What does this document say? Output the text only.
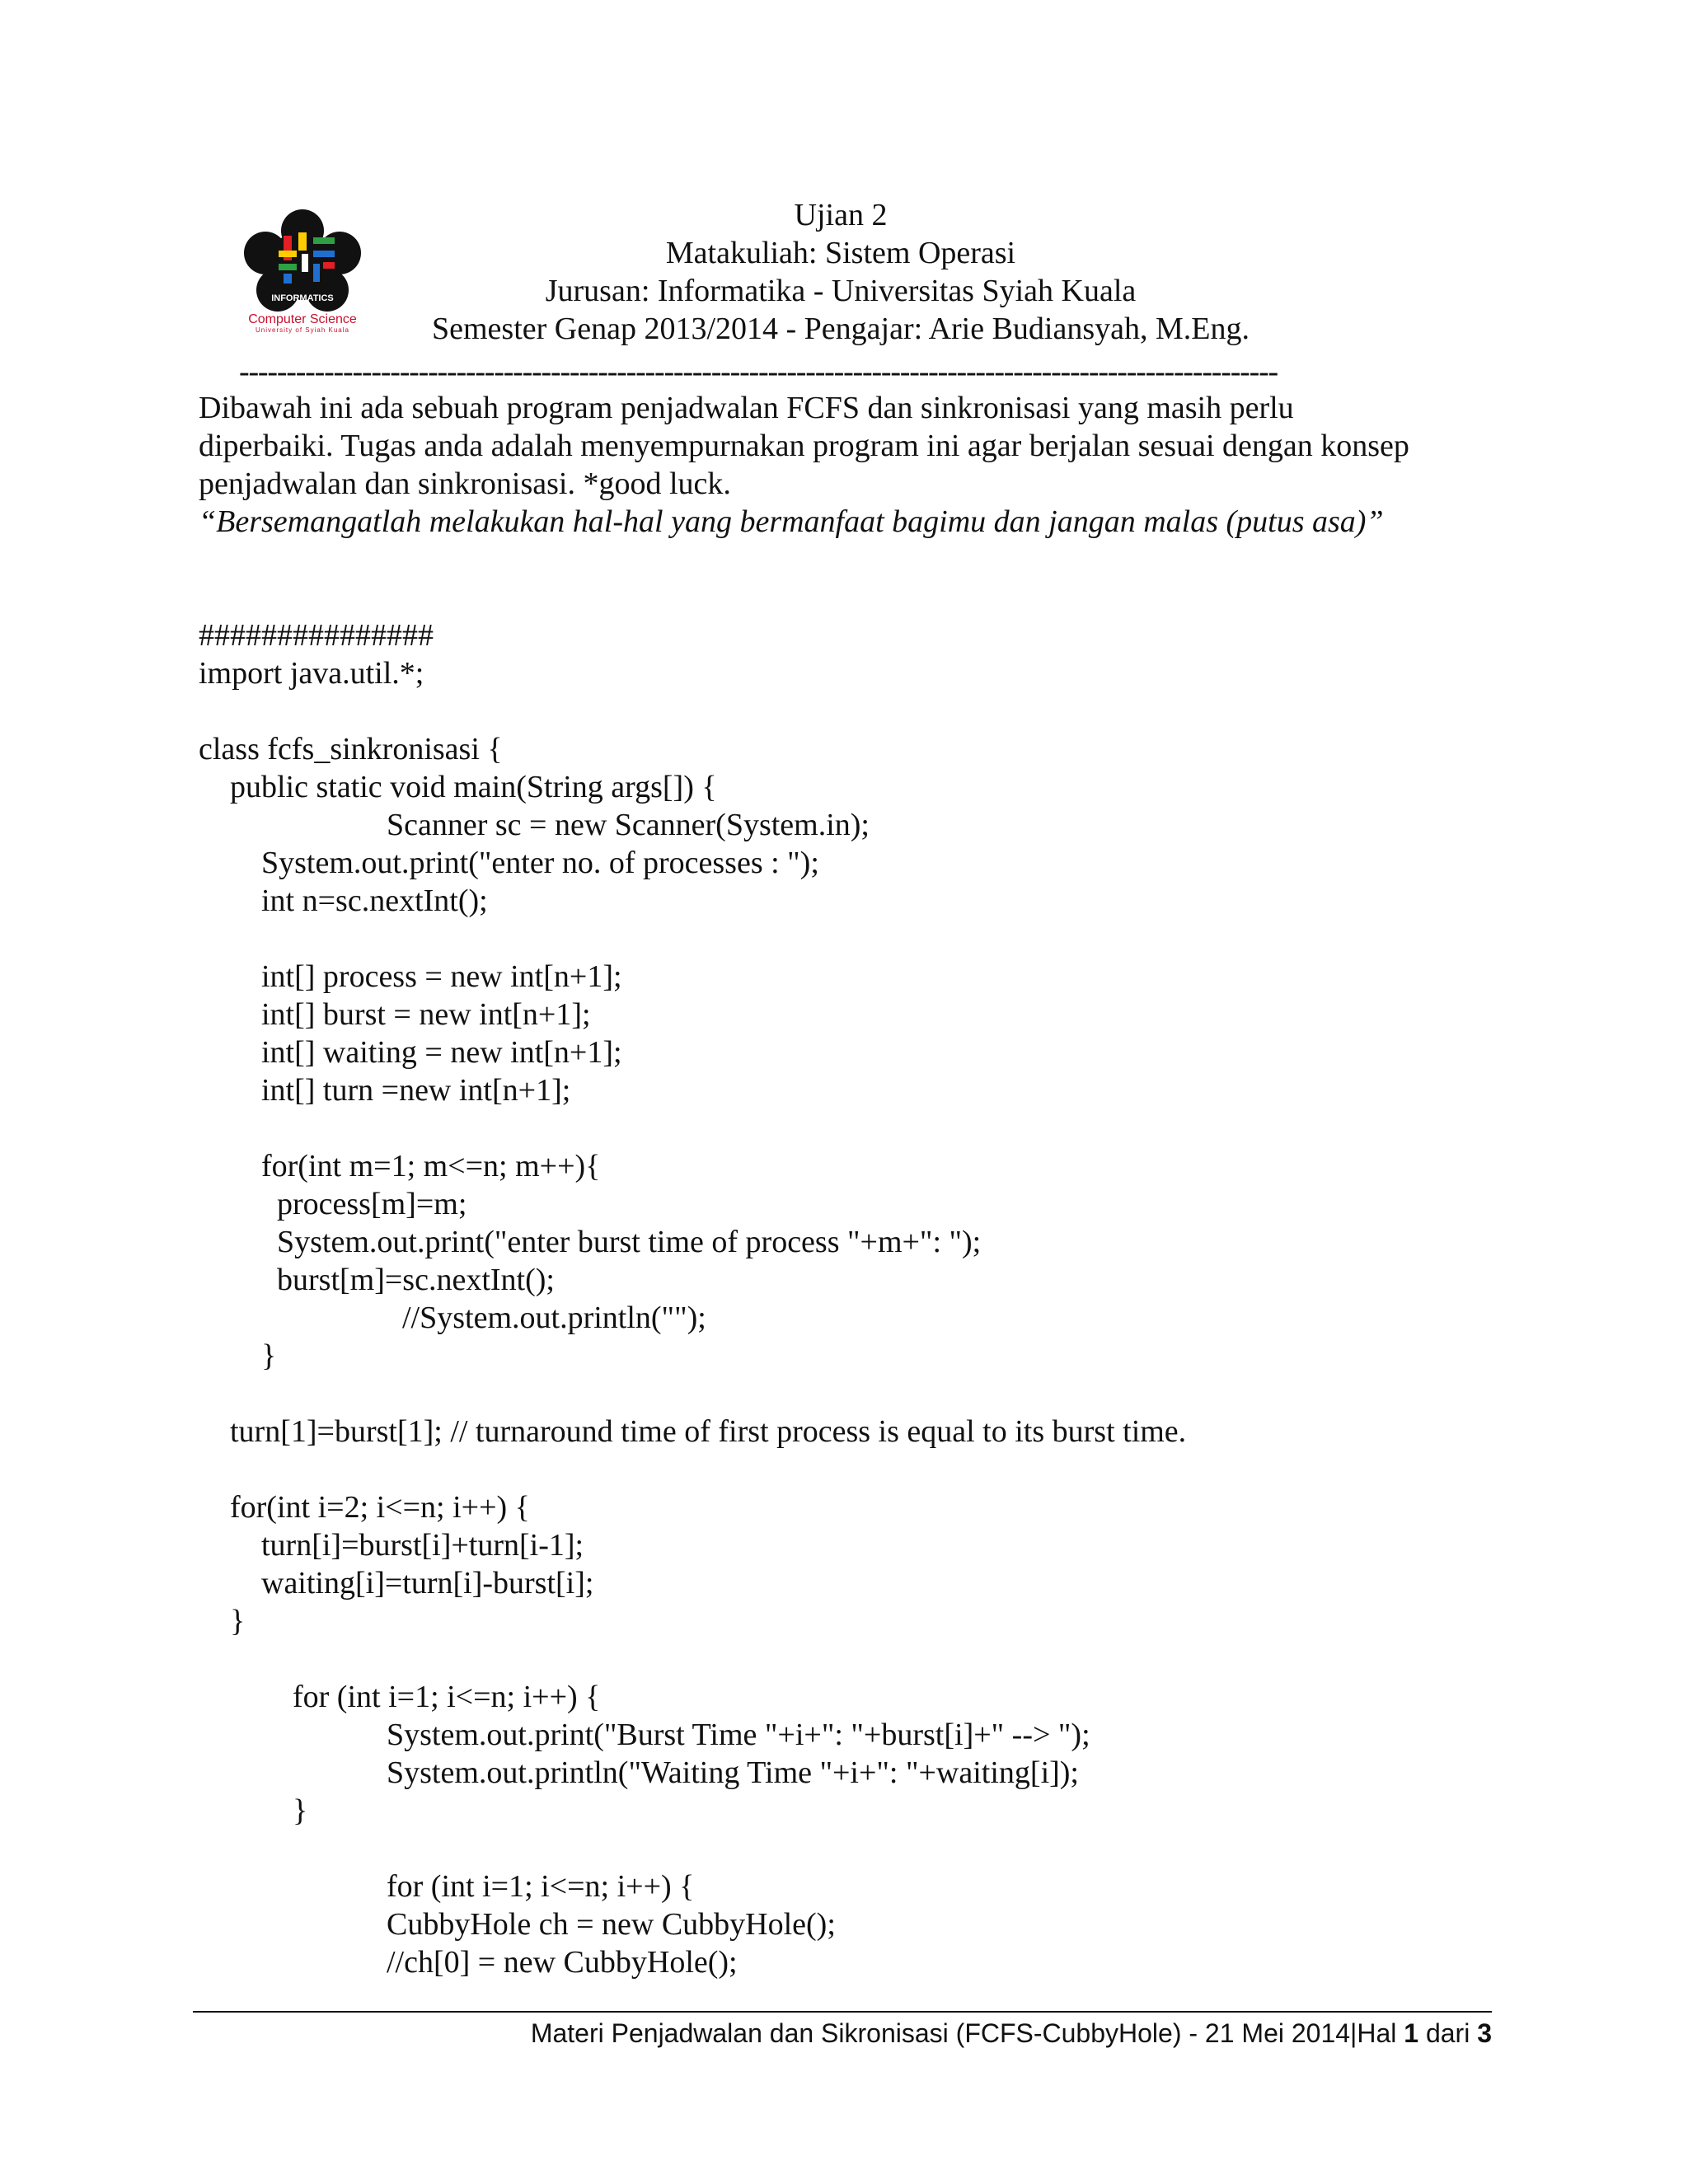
INFORMATICS
Computer Science
University of Syiah Kuala
Ujian 2
Matakuliah: Sistem Operasi
Jurusan: Informatika - Universitas Syiah Kuala
Semester Genap 2013/2014 - Pengajar: Arie Budiansyah, M.Eng.
--------------------------------------------------------------------------------------------------------------
Dibawah ini ada sebuah program penjadwalan FCFS dan sinkronisasi yang masih perlu
diperbaiki. Tugas anda adalah menyempurnakan program ini agar berjalan sesuai dengan konsep
penjadwalan dan sinkronisasi. *good luck.
“Bersemangatlah melakukan hal-hal yang bermanfaat bagimu dan jangan malas (putus asa)”
###############
import java.util.*;
class fcfs_sinkronisasi {
public static void main(String args[]) {
Scanner sc = new Scanner(System.in);
System.out.print("enter no. of processes : ");
int n=sc.nextInt();
int[] process = new int[n+1];
int[] burst = new int[n+1];
int[] waiting = new int[n+1];
int[] turn =new int[n+1];
for(int m=1; m<=n; m++){
process[m]=m;
System.out.print("enter burst time of process "+m+": ");
burst[m]=sc.nextInt();
//System.out.println("");
}
turn[1]=burst[1]; // turnaround time of first process is equal to its burst time.
for(int i=2; i<=n; i++) {
turn[i]=burst[i]+turn[i-1];
waiting[i]=turn[i]-burst[i];
}
for (int i=1; i<=n; i++) {
System.out.print("Burst Time "+i+": "+burst[i]+" --> ");
System.out.println("Waiting Time "+i+": "+waiting[i]);
}
for (int i=1; i<=n; i++) {
CubbyHole ch = new CubbyHole();
//ch[0] = new CubbyHole();
Materi Penjadwalan dan Sikronisasi (FCFS-CubbyHole) - 21 Mei 2014|Hal 1 dari 3
